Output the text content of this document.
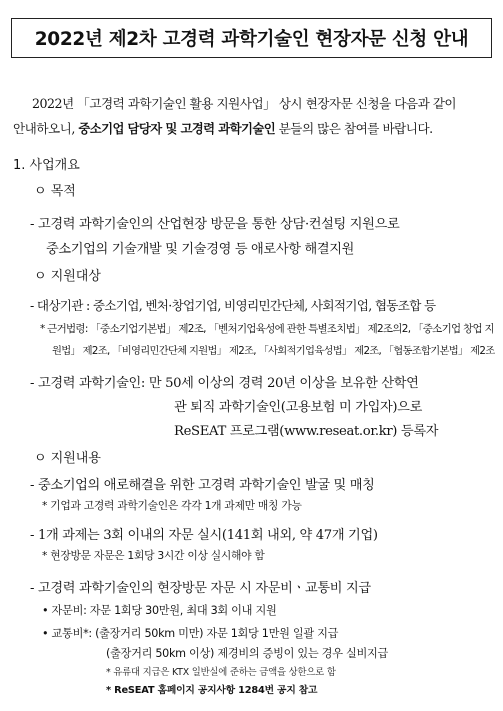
2022년 제2차 고경력 과학기술인 현장자문 신청 안내
2022년 「고경력 과학기술인 활용 지원사업」 상시 현장자문 신청을 다음과 같이
안내하오니, 중소기업 담당자 및 고경력 과학기술인 분들의 많은 참여를 바랍니다.
1. 사업개요
ㅇ 목적
- 고경력 과학기술인의 산업현장 방문을 통한 상담·컨설팅 지원으로
중소기업의 기술개발 및 기술경영 등 애로사항 해결지원
ㅇ 지원대상
- 대상기관 : 중소기업, 벤처·창업기업, 비영리민간단체, 사회적기업, 협동조합 등
* 근거법령: 「중소기업기본법」 제2조, 「벤처기업육성에 관한 특별조치법」 제2조의2, 「중소기업 창업 지
원법」 제2조, 「비영리민간단체 지원법」 제2조, 「사회적기업육성법」 제2조, 「협동조합기본법」 제2조
- 고경력 과학기술인: 만 50세 이상의 경력 20년 이상을 보유한 산학연
관 퇴직 과학기술인(고용보험 미 가입자)으로
ReSEAT 프로그램(www.reseat.or.kr) 등록자
ㅇ 지원내용
- 중소기업의 애로해결을 위한 고경력 과학기술인 발굴 및 매칭
* 기업과 고경력 과학기술인은 각각 1개 과제만 매칭 가능
- 1개 과제는 3회 이내의 자문 실시(141회 내외, 약 47개 기업)
* 현장방문 자문은 1회당 3시간 이상 실시해야 함
- 고경력 과학기술인의 현장방문 자문 시 자문비ㆍ교통비 지급
• 자문비: 자문 1회당 30만원, 최대 3회 이내 지원
• 교통비*: (출장거리 50km 미만) 자문 1회당 1만원 일괄 지급
(출장거리 50km 이상) 제경비의 증빙이 있는 경우 실비지급
* 유류대 지급은 KTX 일반실에 준하는 금액을 상한으로 함
* ReSEAT 홈페이지 공지사항 1284번 공지 참고
